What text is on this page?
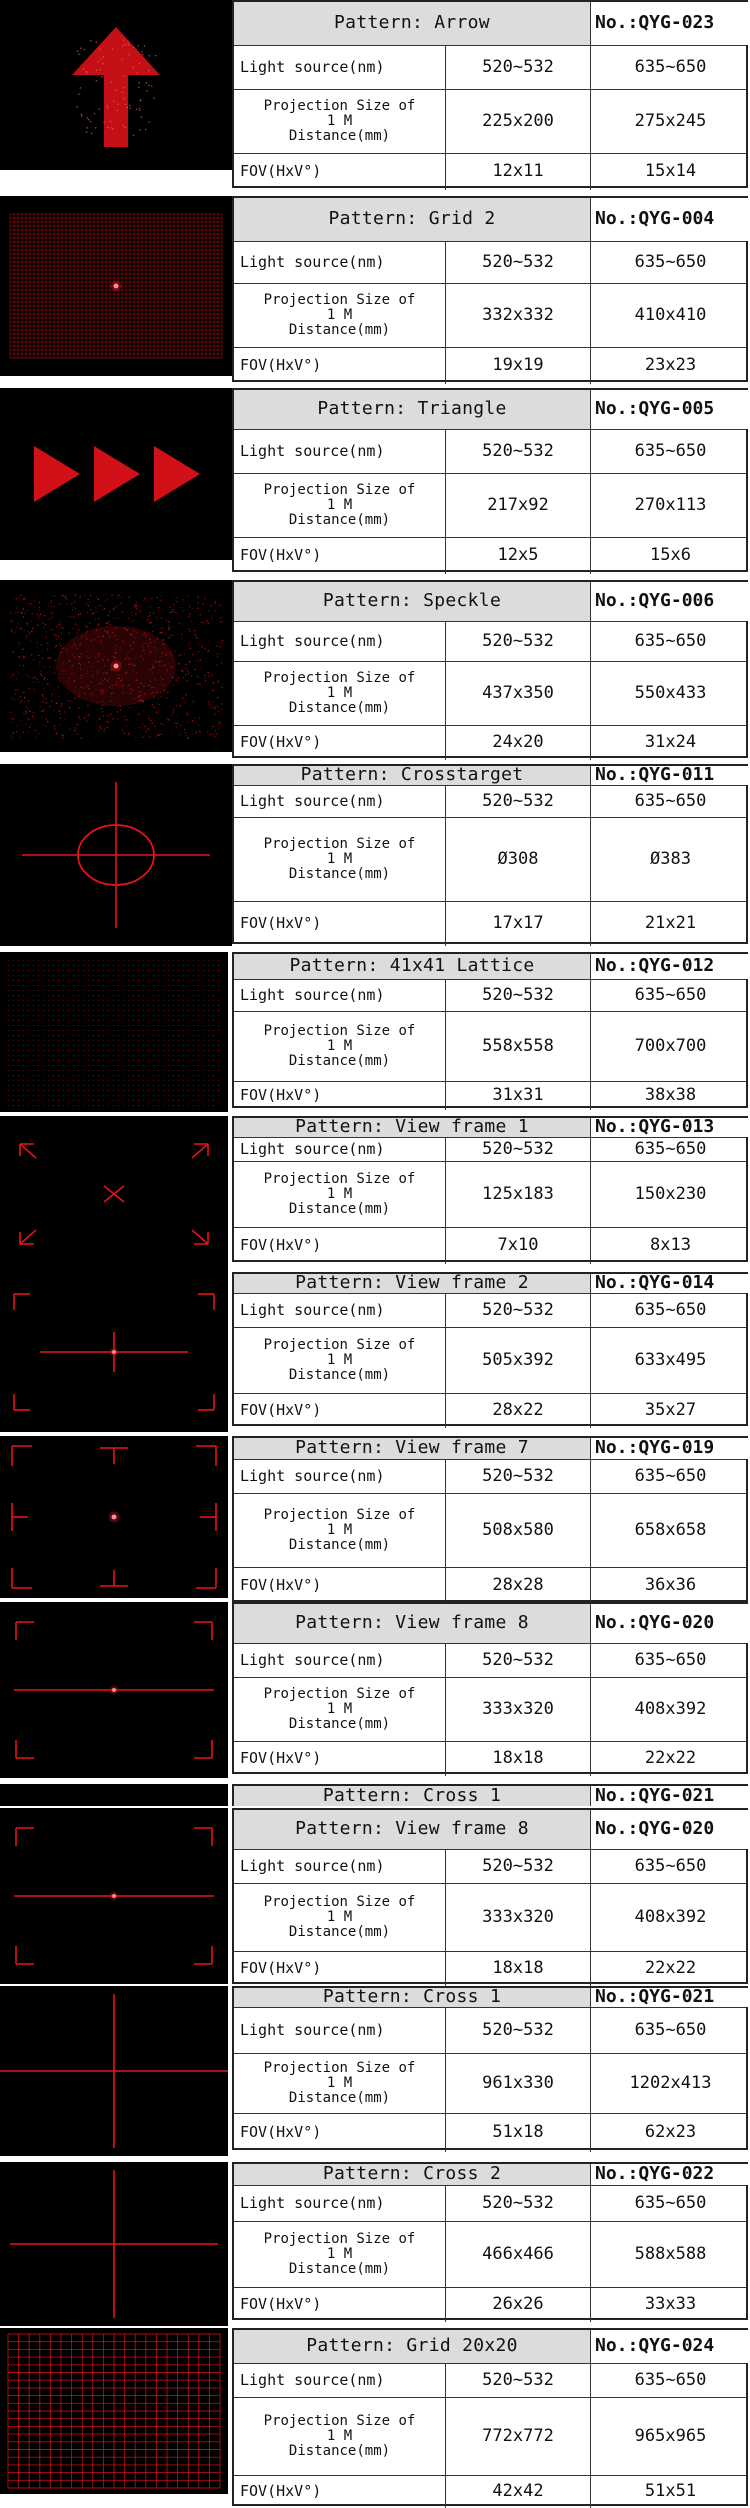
Pattern: Arrow	No.:QYG-023
Light source(nm)	520~532	635~650
Projection Size of
1 M
Distance(mm)
225x200	275x245
FOV(HxV°)	12x11	15x14
Pattern: Grid 2	No.:QYG-004
Light source(nm)	520~532	635~650
Projection Size of
1 M
Distance(mm)
332x332	410x410
FOV(HxV°)	19x19	23x23
Pattern: Triangle	No.:QYG-005
Light source(nm)	520~532	635~650
Projection Size of
1 M
Distance(mm)
217x92	270x113
FOV(HxV°)	12x5	15x6
Pattern: Speckle	No.:QYG-006
Light source(nm)	520~532	635~650
Projection Size of
1 M
Distance(mm)
437x350	550x433
FOV(HxV°)	24x20	31x24
Pattern: Crosstarget	No.:QYG-011
Light source(nm)	520~532	635~650
Projection Size of
1 M
Distance(mm)
Ø308	Ø383
FOV(HxV°)	17x17	21x21
Pattern: 41x41 Lattice	No.:QYG-012
Light source(nm)	520~532	635~650
Projection Size of
1 M
Distance(mm)
558x558	700x700
FOV(HxV°)	31x31	38x38
Pattern: View frame 1	No.:QYG-013
Light source(nm)	520~532	635~650
Projection Size of
1 M
Distance(mm)
125x183	150x230
FOV(HxV°)	7x10	8x13
Pattern: View frame 2	No.:QYG-014
Light source(nm)	520~532	635~650
Projection Size of
1 M
Distance(mm)
505x392	633x495
FOV(HxV°)	28x22	35x27
Pattern: View frame 7	No.:QYG-019
Light source(nm)	520~532	635~650
Projection Size of
1 M
Distance(mm)
508x580	658x658
FOV(HxV°)	28x28	36x36
Pattern: View frame 8	No.:QYG-020
Light source(nm)	520~532	635~650
Projection Size of
1 M
Distance(mm)
333x320	408x392
FOV(HxV°)	18x18	22x22
Pattern: View frame 8	No.:QYG-020
Light source(nm)	520~532	635~650
Projection Size of
1 M
Distance(mm)
333x320	408x392
FOV(HxV°)	18x18	22x22
Pattern: Cross 1	No.:QYG-021
Light source(nm)	520~532	635~650
Projection Size of
1 M
Distance(mm)
961x330	1202x413
FOV(HxV°)	51x18	62x23
Pattern: Cross 2	No.:QYG-022
Light source(nm)	520~532	635~650
Projection Size of
1 M
Distance(mm)
466x466	588x588
FOV(HxV°)	26x26	33x33
Pattern: Grid 20x20	No.:QYG-024
Light source(nm)	520~532	635~650
Projection Size of
1 M
Distance(mm)
772x772	965x965
FOV(HxV°)	42x42	51x51
Pattern: Cross 1	No.:QYG-021
